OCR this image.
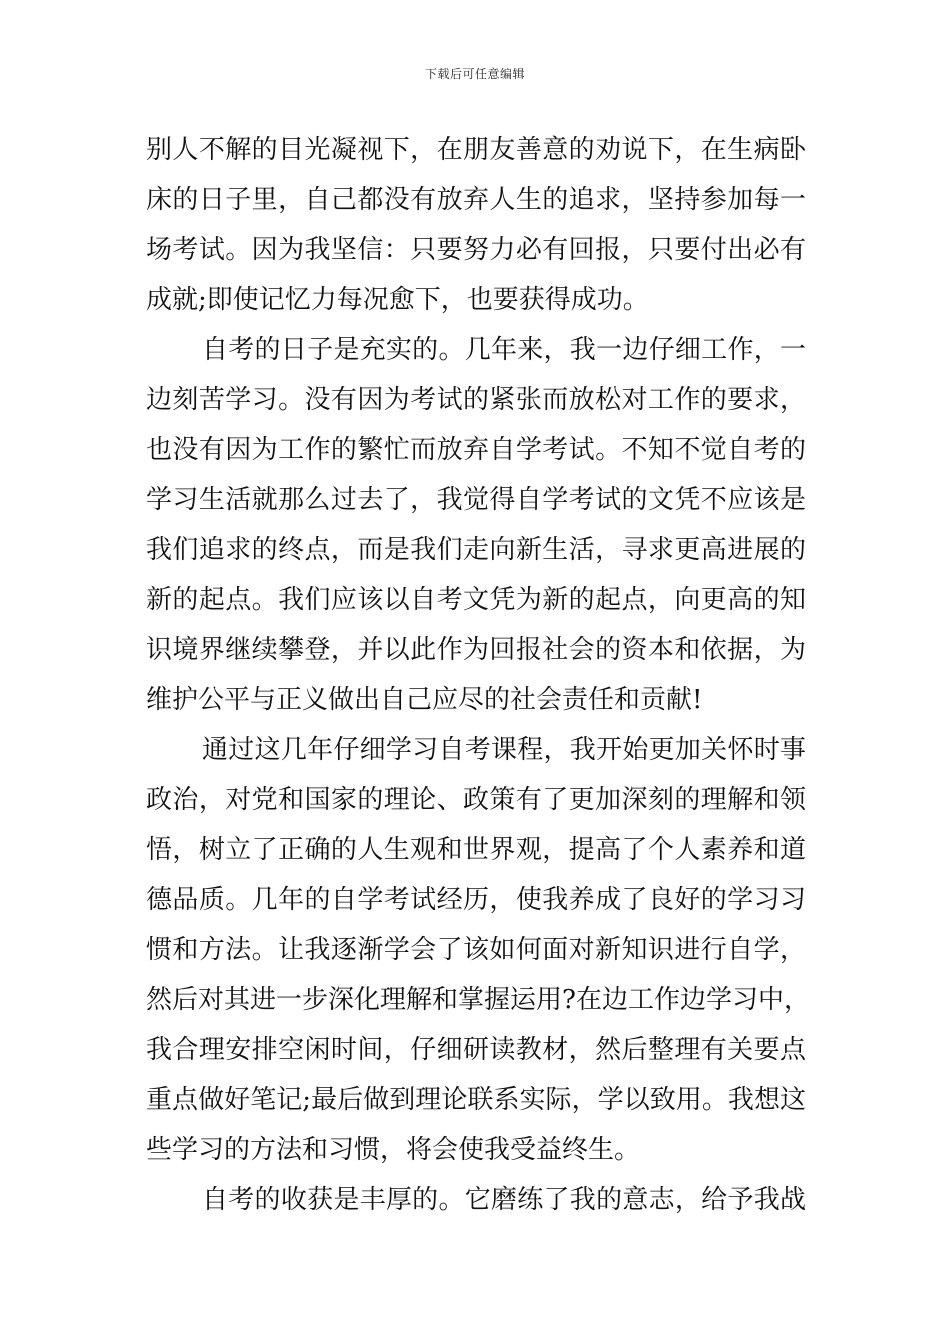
下载后可任意编辑
别人不解的目光凝视下，在朋友善意的劝说下，在生病卧
床的日子里，自己都没有放弃人生的追求，坚持参加每一
场考试。因为我坚信：只要努力必有回报，只要付出必有
成就;即使记忆力每况愈下，也要获得成功。
自考的日子是充实的。几年来，我一边仔细工作，一
边刻苦学习。没有因为考试的紧张而放松对工作的要求，
也没有因为工作的繁忙而放弃自学考试。不知不觉自考的
学习生活就那么过去了，我觉得自学考试的文凭不应该是
我们追求的终点，而是我们走向新生活，寻求更高进展的
新的起点。我们应该以自考文凭为新的起点，向更高的知
识境界继续攀登，并以此作为回报社会的资本和依据，为
维护公平与正义做出自己应尽的社会责任和贡献!
通过这几年仔细学习自考课程，我开始更加关怀时事
政治，对党和国家的理论、政策有了更加深刻的理解和领
悟，树立了正确的人生观和世界观，提高了个人素养和道
德品质。几年的自学考试经历，使我养成了良好的学习习
惯和方法。让我逐渐学会了该如何面对新知识进行自学，
然后对其进一步深化理解和掌握运用?在边工作边学习中，
我合理安排空闲时间，仔细研读教材，然后整理有关要点
重点做好笔记;最后做到理论联系实际，学以致用。我想这
些学习的方法和习惯，将会使我受益终生。
自考的收获是丰厚的。它磨练了我的意志，给予我战
